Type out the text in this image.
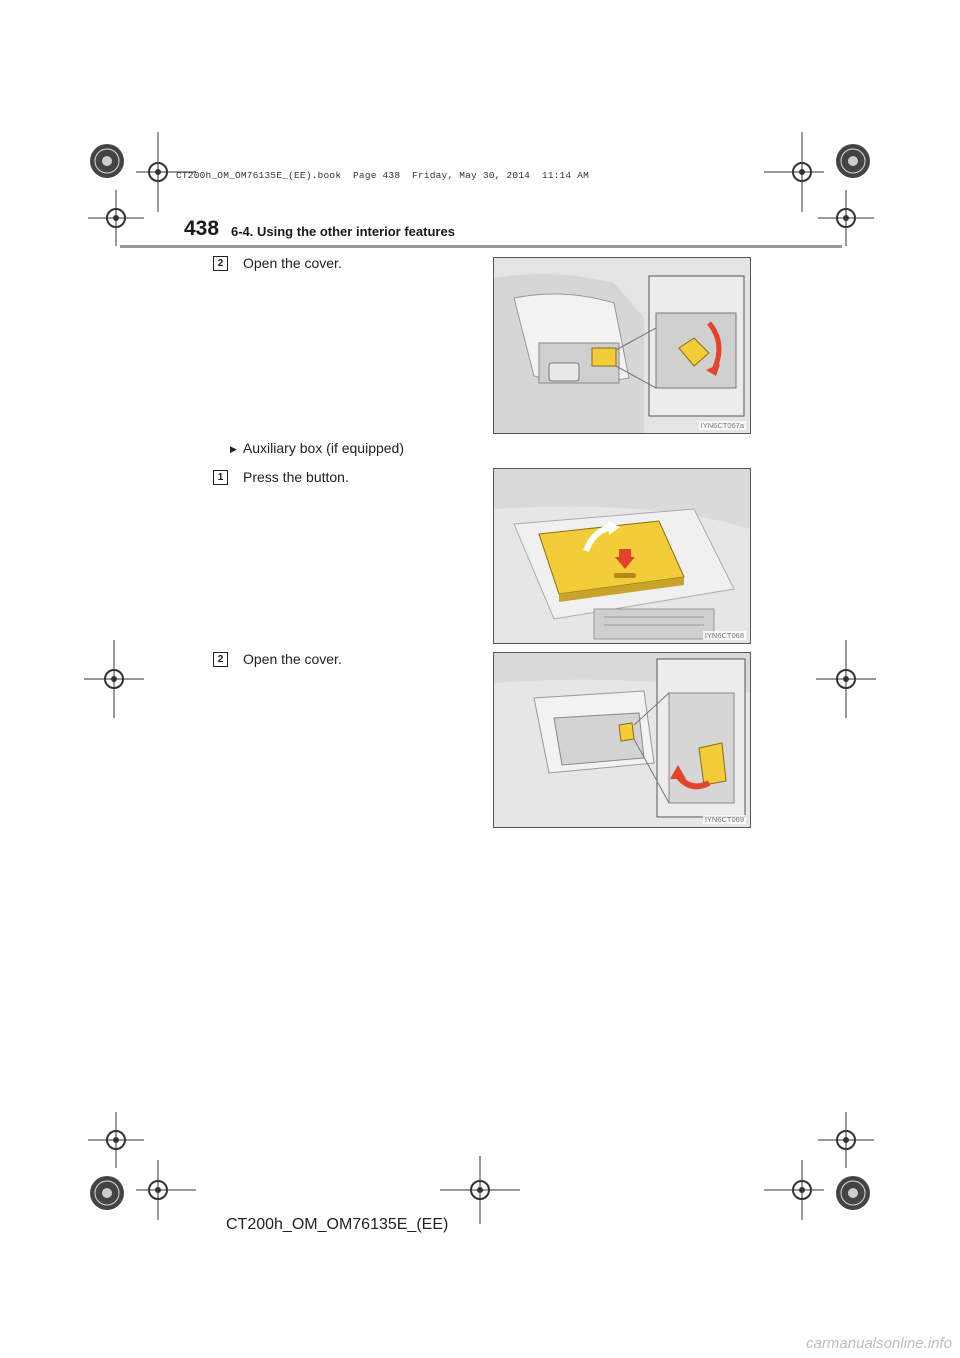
CT200h_OM_OM76135E_(EE).book  Page 438  Friday, May 30, 2014  11:14 AM
438 6-4. Using the other interior features
2	Open the cover.
IYN6CT067a
▶ Auxiliary box (if equipped)
1	Press the button.
IYN6CT068
2	Open the cover.
IYN6CT069
CT200h_OM_OM76135E_(EE)
carmanualsonline.info
